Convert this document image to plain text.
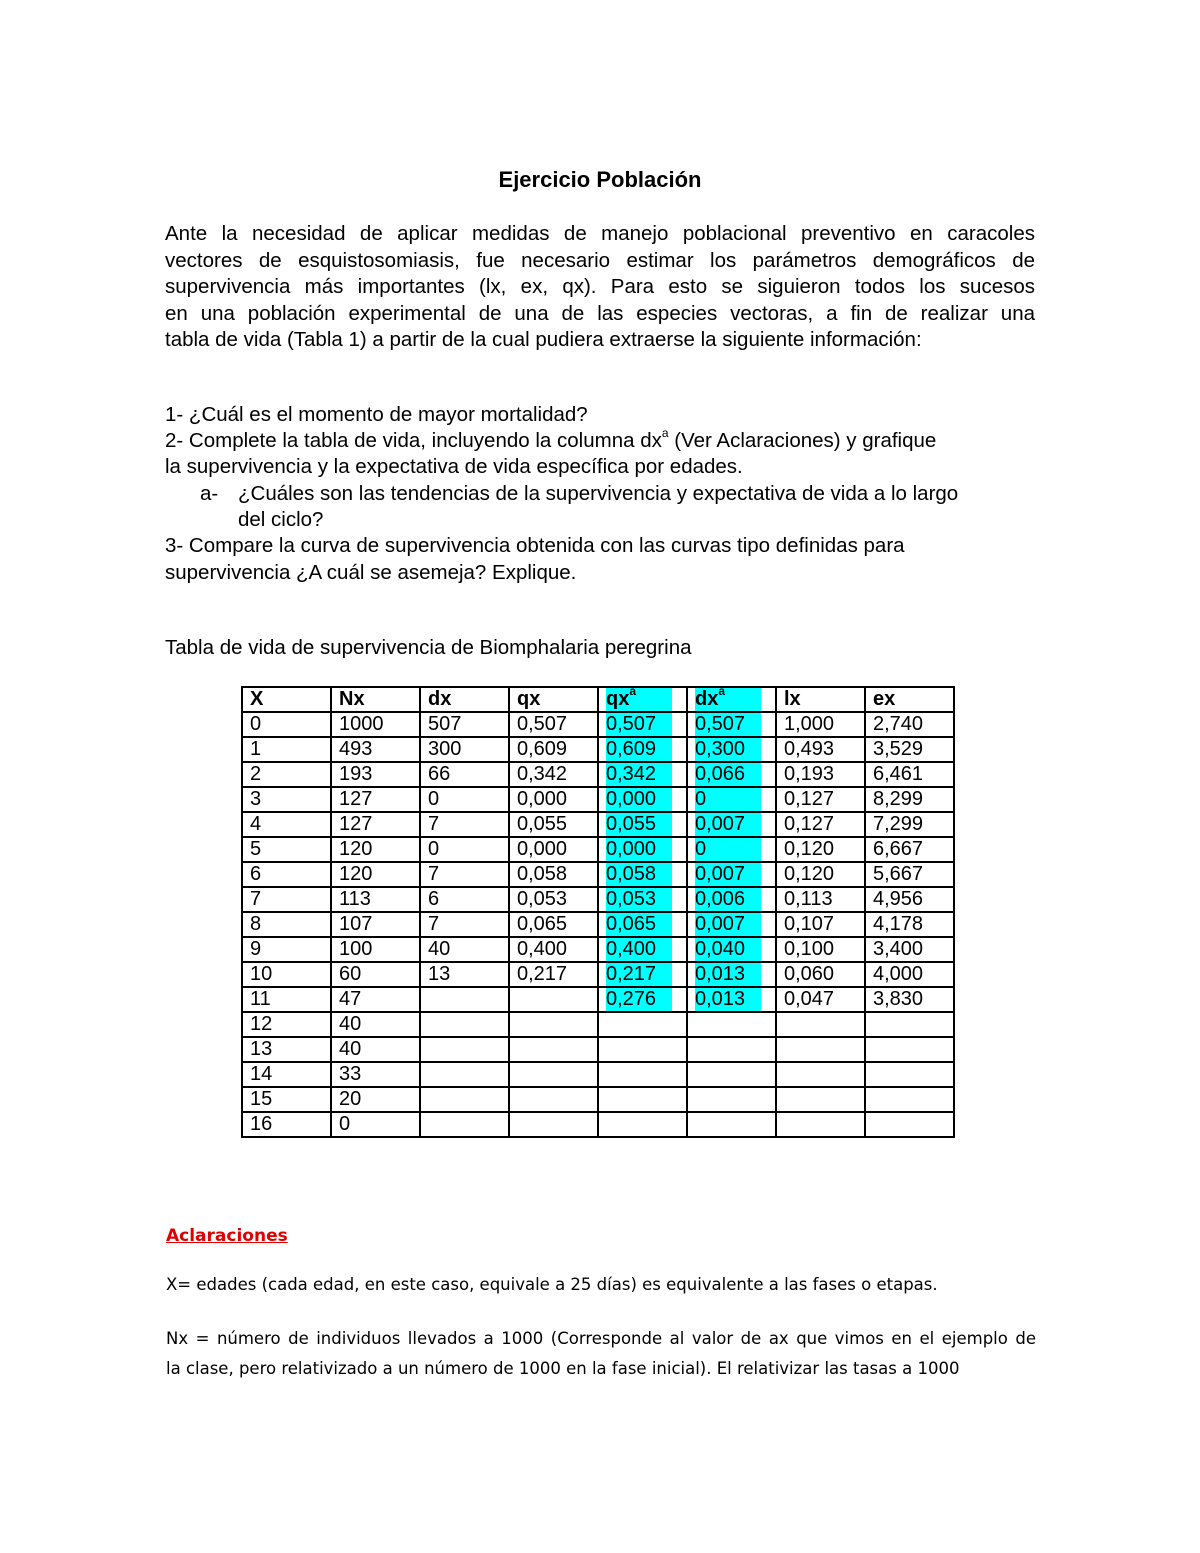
Ejercicio Población

Ante la necesidad de aplicar medidas de manejo poblacional preventivo en caracoles
vectores de esquistosomiasis, fue necesario estimar los parámetros demográficos de
supervivencia más importantes (lx, ex, qx). Para esto se siguieron todos los sucesos
en una población experimental de una de las especies vectoras, a fin de realizar una
tabla de vida (Tabla 1) a partir de la cual pudiera extraerse la siguiente información:

1- ¿Cuál es el momento de mayor mortalidad?

2- Complete la tabla de vida, incluyendo la columna $dx^a$ (Ver Aclaraciones) y grafique

la supervivencia y la expectativa de vida específica por edades.

a- ¿Cuáles son las tendencias de la supervivencia y expectativa de vida a lo largo

del ciclo?

3- Compare la curva de supervivencia obtenida con las curvas tipo definidas para

supervivencia ¿A cuál se asemeja? Explique.

Tabla de vida de supervivencia de Biomphalaria peregrina
X	Nx	dx	qx	$qx^a$	$dx^a$	lx	ex
0	1000	507	0,507	0,507	0,507	1,000	2,740
1	493	300	0,609	0,609	0,300	0,493	3,529
2	193	66	0,342	0,342	0,066	0,193	6,461
3	127	0	0,000	0,000	0	0,127	8,299
4	127	7	0,055	0,055	0,007	0,127	7,299
5	120	0	0,000	0,000	0	0,120	6,667
6	120	7	0,058	0,058	0,007	0,120	5,667
7	113	6	0,053	0,053	0,006	0,113	4,956
8	107	7	0,065	0,065	0,007	0,107	4,178
9	100	40	0,400	0,400	0,040	0,100	3,400
10	60	13	0,217	0,217	0,013	0,060	4,000
11	47			0,276	0,013	0,047	3,830
12	40						
13	40						
14	33						
15	20						
16	0						
Aclaraciones
X= edades (cada edad, en este caso, equivale a 25 días) es equivalente a las fases o etapas.

Nx = número de individuos llevados a 1000 (Corresponde al valor de ax que vimos en el ejemplo de
la clase, pero relativizado a un número de 1000 en la fase inicial). El relativizar las tasas a 1000
